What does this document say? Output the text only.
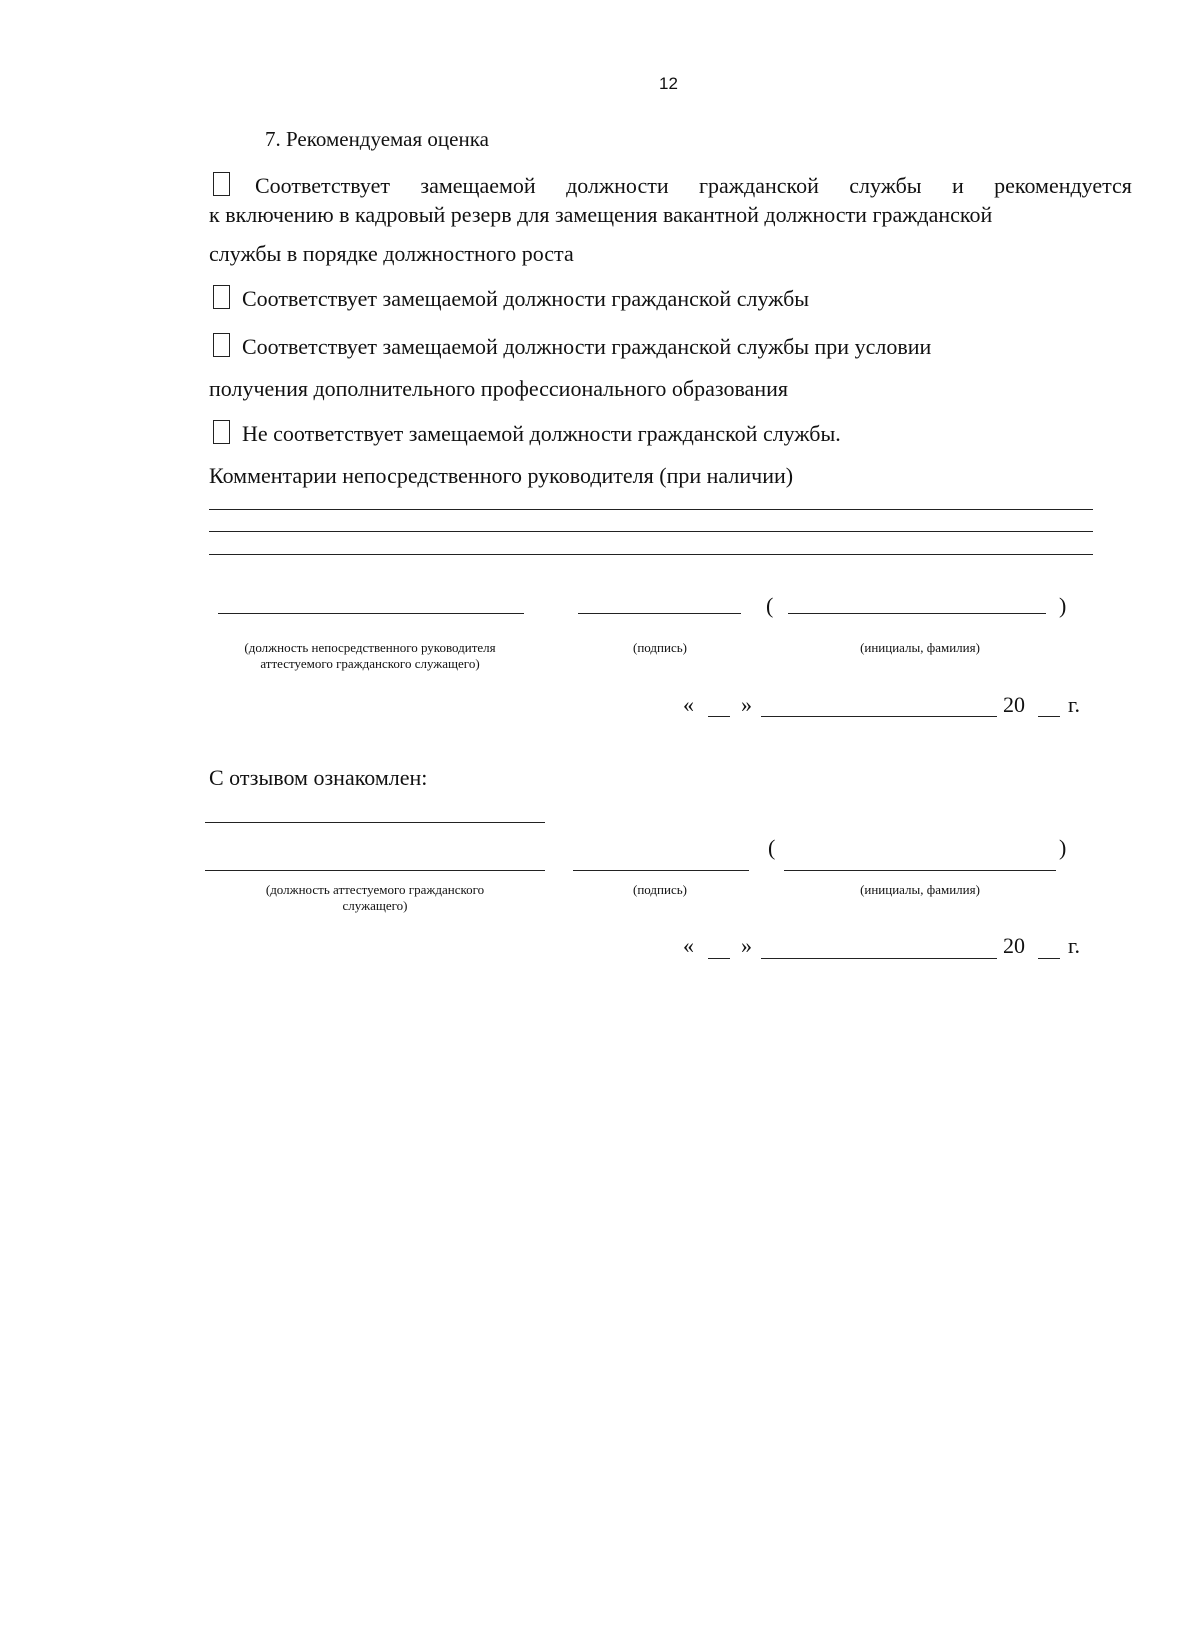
12
7. Рекомендуемая оценка
Соответствует замещаемой должности гражданской службы и рекомендуется
к включению в кадровый резерв для замещения вакантной должности гражданской
службы в порядке должностного роста
Соответствует замещаемой должности гражданской службы
Соответствует замещаемой должности гражданской службы при условии
получения дополнительного профессионального образования
Не соответствует замещаемой должности гражданской службы.
Комментарии непосредственного руководителя (при наличии)
(	)
(должность непосредственного руководителя
аттестуемого гражданского служащего)
(подпись)	(инициалы, фамилия)
« »	20 г.
С отзывом ознакомлен:
(	)
(должность аттестуемого гражданского
служащего)
(подпись)	(инициалы, фамилия)
« »	20 г.
